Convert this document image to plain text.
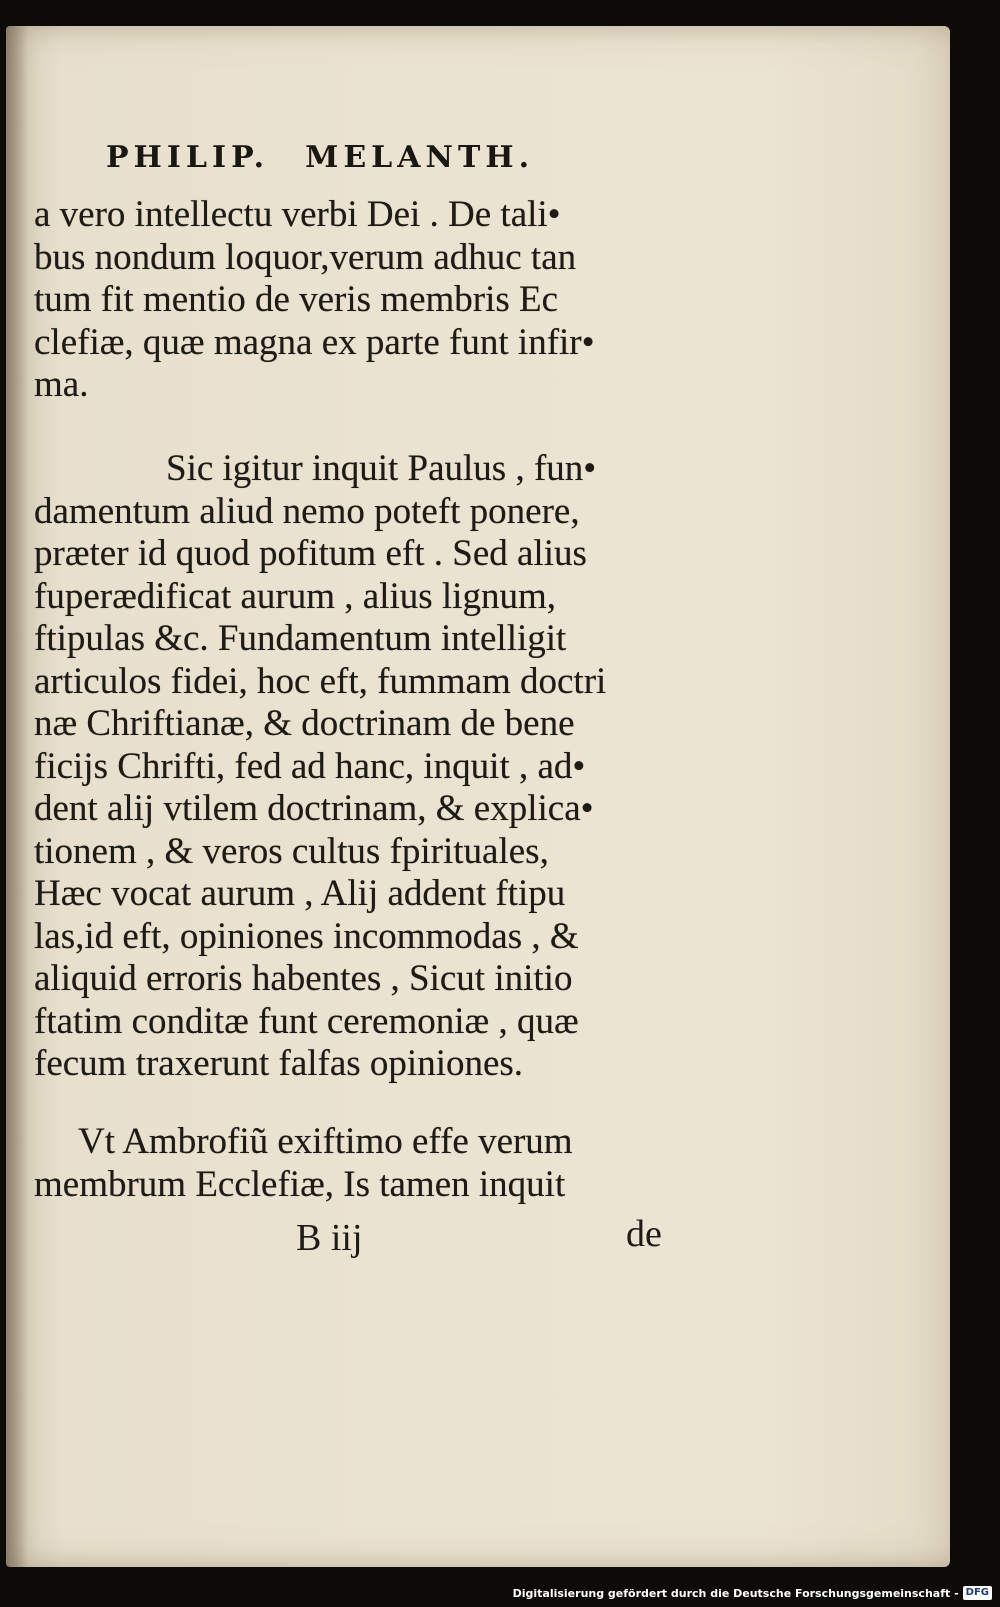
PHILIP. MELANTH.

a vero intellectu verbi Dei . De tali•
bus nondum loquor,verum adhuc tan
tum fit mentio de veris membris Ec
clefiæ, quæ magna ex parte funt infir•
ma.

Sic igitur inquit Paulus , fun•
damentum aliud nemo poteft ponere,
præter id quod pofitum eft . Sed alius
fuperædificat aurum , alius lignum,
ftipulas &c. Fundamentum intelligit
articulos fidei, hoc eft, fummam doctri
næ Chriftianæ, & doctrinam de bene
ficijs Chrifti, fed ad hanc, inquit , ad•
dent alij vtilem doctrinam, & explica•
tionem , & veros cultus fpirituales,
Hæc vocat aurum , Alij addent ftipu
las,id eft, opiniones incommodas , &
aliquid erroris habentes , Sicut initio
ftatim conditæ funt ceremoniæ , quæ
fecum traxerunt falfas opiniones.

Vt Ambrofiũ exiftimo effe verum
membrum Ecclefiæ, Is tamen inquit

B iij	de

Digitalisierung gefördert durch die Deutsche Forschungsgemeinschaft - DFG
